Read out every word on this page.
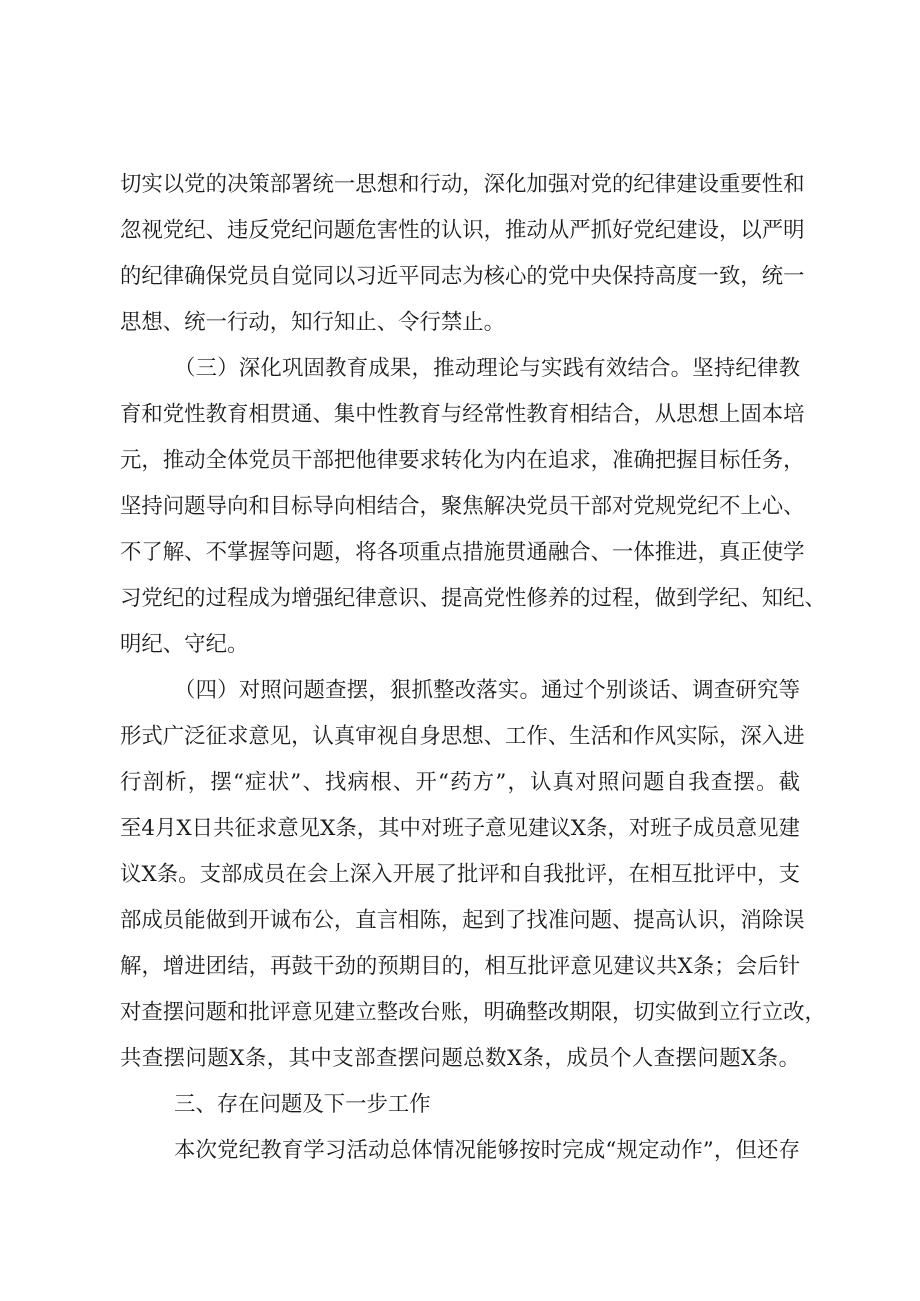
切实以党的决策部署统一思想和行动，深化加强对党的纪律建设重要性和
忽视党纪、违反党纪问题危害性的认识，推动从严抓好党纪建设，以严明
的纪律确保党员自觉同以习近平同志为核心的党中央保持高度一致，统一
思想、统一行动，知行知止、令行禁止。
（三）深化巩固教育成果，推动理论与实践有效结合。坚持纪律教
育和党性教育相贯通、集中性教育与经常性教育相结合，从思想上固本培
元，推动全体党员干部把他律要求转化为内在追求，准确把握目标任务，
坚持问题导向和目标导向相结合，聚焦解决党员干部对党规党纪不上心、
不了解、不掌握等问题，将各项重点措施贯通融合、一体推进，真正使学
习党纪的过程成为增强纪律意识、提高党性修养的过程，做到学纪、知纪、
明纪、守纪。
（四）对照问题查摆，狠抓整改落实。通过个别谈话、调查研究等
形式广泛征求意见，认真审视自身思想、工作、生活和作风实际，深入进
行剖析，摆“症状”、找病根、开“药方”，认真对照问题自我查摆。截
至4月X日共征求意见X条，其中对班子意见建议X条，对班子成员意见建
议X条。支部成员在会上深入开展了批评和自我批评，在相互批评中，支
部成员能做到开诚布公，直言相陈，起到了找准问题、提高认识，消除误
解，增进团结，再鼓干劲的预期目的，相互批评意见建议共X条；会后针
对查摆问题和批评意见建立整改台账，明确整改期限，切实做到立行立改，
共查摆问题X条，其中支部查摆问题总数X条，成员个人查摆问题X条。
三、存在问题及下一步工作
本次党纪教育学习活动总体情况能够按时完成“规定动作”，但还存
